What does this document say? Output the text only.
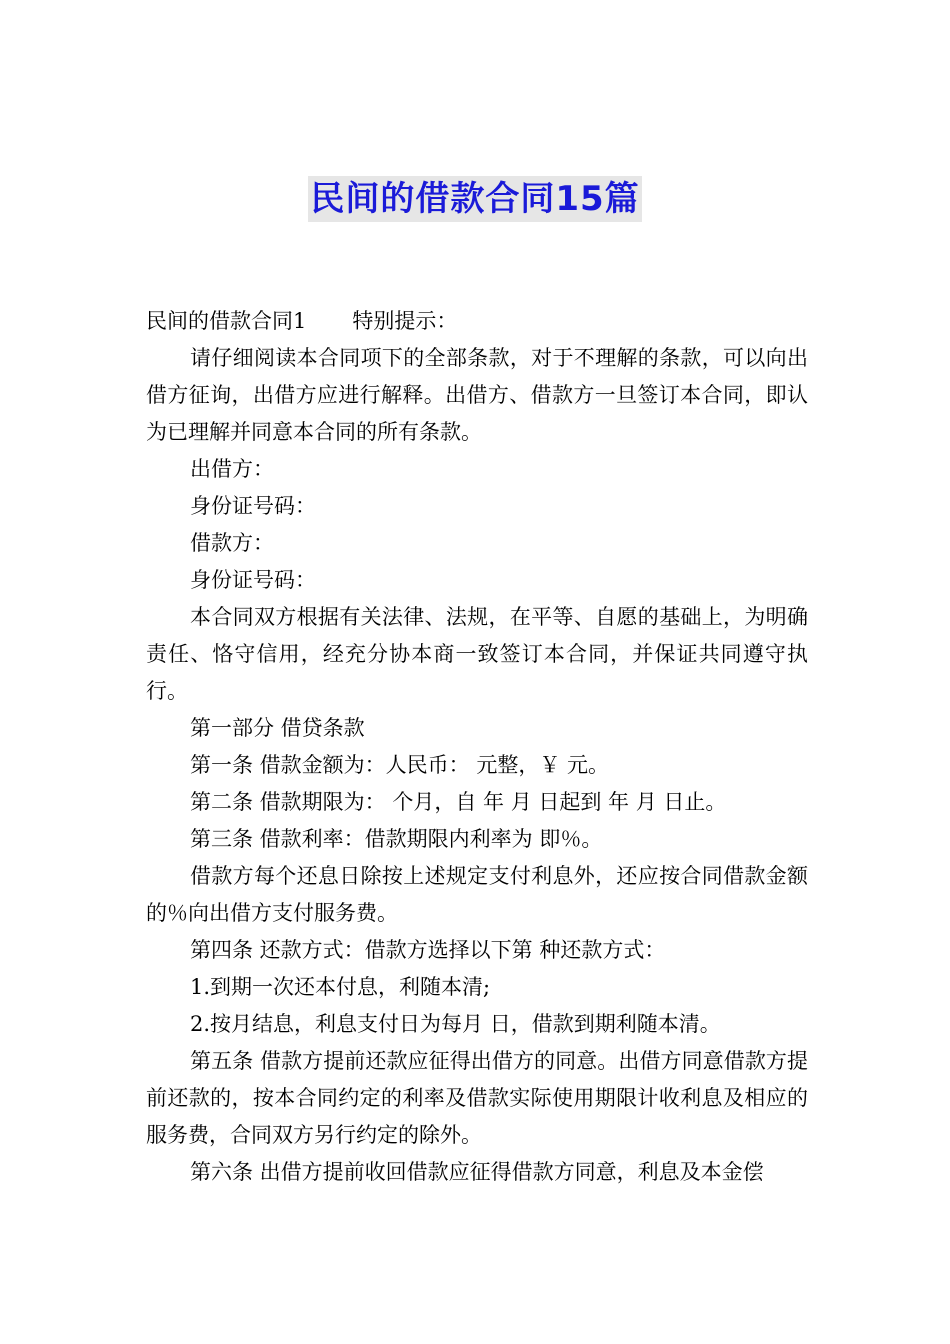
民间的借款合同15篇

民间的借款合同1 特别提示：

请仔细阅读本合同项下的全部条款，对于不理解的条款，可以向出借方征询，出借方应进行解释。出借方、借款方一旦签订本合同，即认为已理解并同意本合同的所有条款。

出借方：

身份证号码：

借款方：

身份证号码：

本合同双方根据有关法律、法规，在平等、自愿的基础上，为明确责任、恪守信用，经充分协本商一致签订本合同，并保证共同遵守执行。

第一部分 借贷条款

第一条 借款金额为：人民币： 元整，￥ 元。

第二条 借款期限为： 个月，自 年 月 日起到 年 月 日止。

第三条 借款利率：借款期限内利率为 即％。

借款方每个还息日除按上述规定支付利息外，还应按合同借款金额的％向出借方支付服务费。

第四条 还款方式：借款方选择以下第 种还款方式：

1.到期一次还本付息，利随本清;

2.按月结息，利息支付日为每月 日，借款到期利随本清。

第五条 借款方提前还款应征得出借方的同意。出借方同意借款方提前还款的，按本合同约定的利率及借款实际使用期限计收利息及相应的服务费，合同双方另行约定的除外。

第六条 出借方提前收回借款应征得借款方同意，利息及本金偿
